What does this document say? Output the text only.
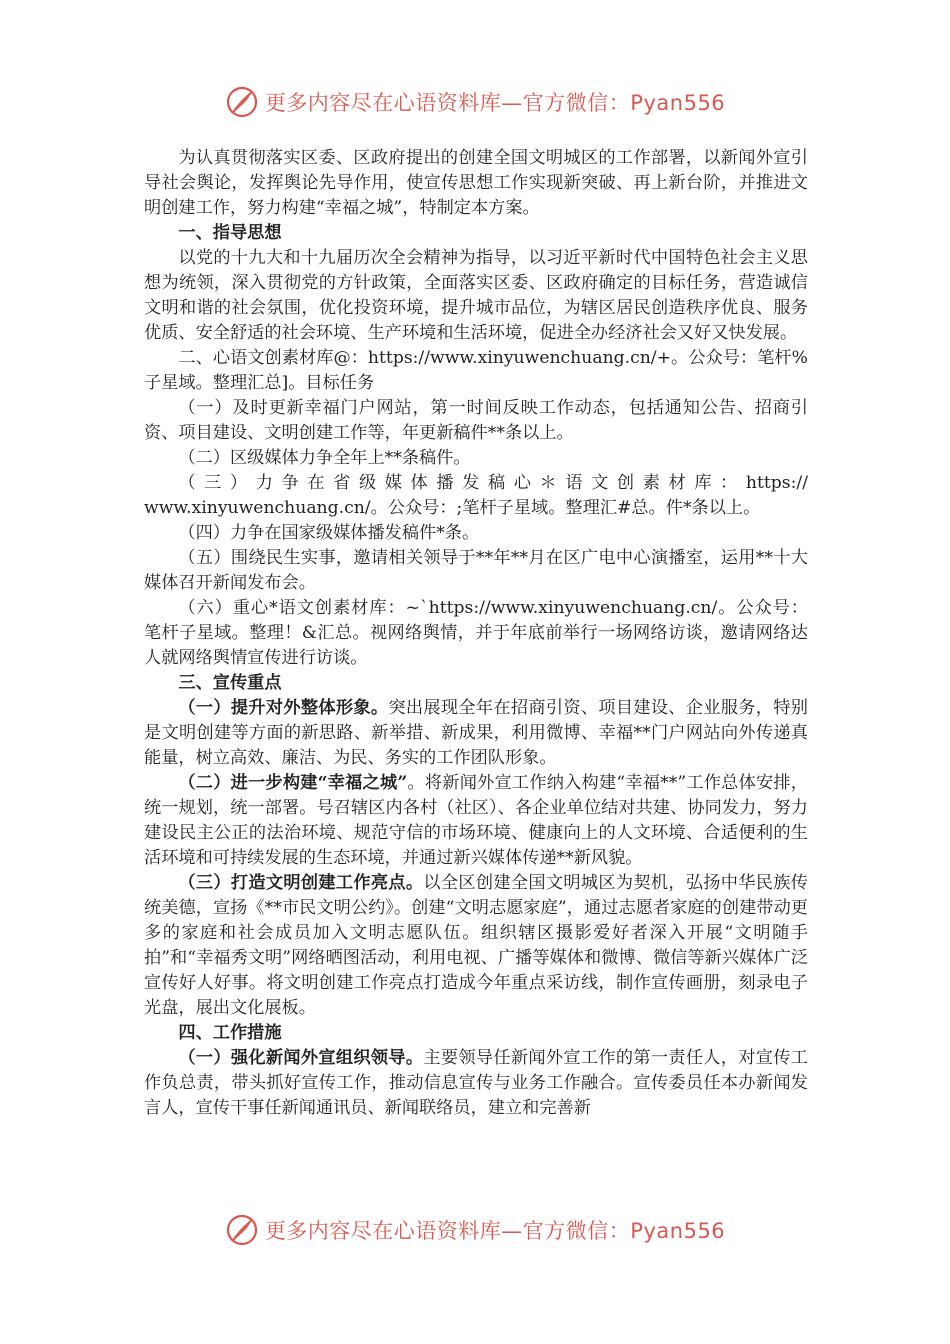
更多内容尽在心语资料库—官方微信：Pyan556

为认真贯彻落实区委、区政府提出的创建全国文明城区的工作部署，以新闻外宣引导社会舆论，发挥舆论先导作用，使宣传思想工作实现新突破、再上新台阶，并推进文明创建工作，努力构建“幸福之城”，特制定本方案。

一、指导思想

以党的十九大和十九届历次全会精神为指导，以习近平新时代中国特色社会主义思想为统领，深入贯彻党的方针政策，全面落实区委、区政府确定的目标任务，营造诚信文明和谐的社会氛围，优化投资环境，提升城市品位，为辖区居民创造秩序优良、服务优质、安全舒适的社会环境、生产环境和生活环境，促进全办经济社会又好又快发展。

二、心语文创素材库@：https://www.xinyuwenchuang.cn/+。公众号：笔杆%子星域。整理汇总]。目标任务

（一）及时更新幸福门户网站，第一时间反映工作动态，包括通知公告、招商引资、项目建设、文明创建工作等，年更新稿件**条以上。

（二）区级媒体力争全年上**条稿件。

（三）力争在省级媒体播发稿心＊语文创素材库：https://

www.xinyuwenchuang.cn/。公众号：;笔杆子星域。整理汇#总。件*条以上。

（四）力争在国家级媒体播发稿件*条。

（五）围绕民生实事，邀请相关领导于**年**月在区广电中心演播室，运用**十大媒体召开新闻发布会。

（六）重心*语文创素材库：~`https://www.xinyuwenchuang.cn/。公众号：笔杆子星域。整理！&汇总。视网络舆情，并于年底前举行一场网络访谈，邀请网络达人就网络舆情宣传进行访谈。

三、宣传重点

（一）提升对外整体形象。突出展现全年在招商引资、项目建设、企业服务，特别是文明创建等方面的新思路、新举措、新成果，利用微博、幸福**门户网站向外传递真能量，树立高效、廉洁、为民、务实的工作团队形象。

（二）进一步构建“幸福之城”。将新闻外宣工作纳入构建“幸福**”工作总体安排，统一规划，统一部署。号召辖区内各村（社区）、各企业单位结对共建、协同发力，努力建设民主公正的法治环境、规范守信的市场环境、健康向上的人文环境、合适便利的生活环境和可持续发展的生态环境，并通过新兴媒体传递**新风貌。

（三）打造文明创建工作亮点。以全区创建全国文明城区为契机，弘扬中华民族传统美德，宣扬《**市民文明公约》。创建“文明志愿家庭”，通过志愿者家庭的创建带动更多的家庭和社会成员加入文明志愿队伍。组织辖区摄影爱好者深入开展“文明随手拍”和“幸福秀文明”网络晒图活动，利用电视、广播等媒体和微博、微信等新兴媒体广泛宣传好人好事。将文明创建工作亮点打造成今年重点采访线，制作宣传画册，刻录电子光盘，展出文化展板。

四、工作措施

（一）强化新闻外宣组织领导。主要领导任新闻外宣工作的第一责任人，对宣传工作负总责，带头抓好宣传工作，推动信息宣传与业务工作融合。宣传委员任本办新闻发言人，宣传干事任新闻通讯员、新闻联络员，建立和完善新

更多内容尽在心语资料库—官方微信：Pyan556
